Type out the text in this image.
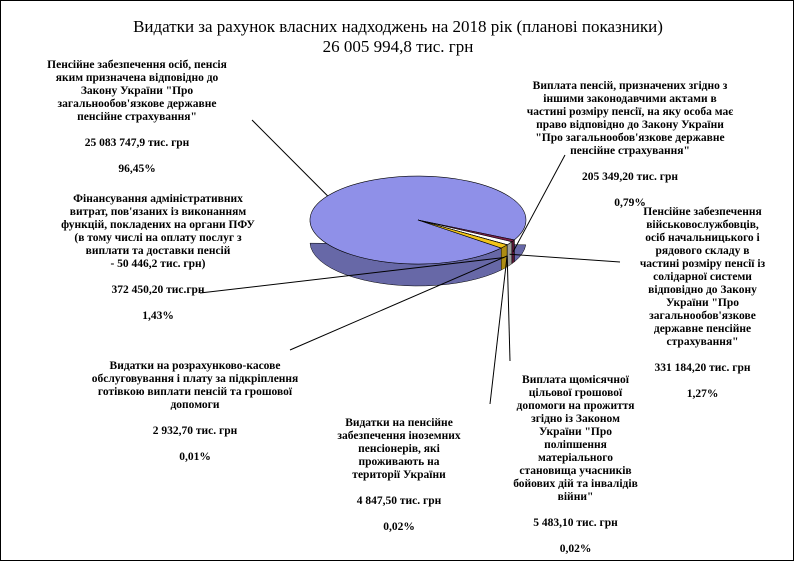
Видатки за рахунок власних надходжень на 2018 рік (планові показники)
26 005 994,8 тис. грн

Пенсійне забезпечення осіб, пенсія
яким призначена відповідно до
Закону України "Про
загальнообов'язкове державне
пенсійне страхування"

25 083 747,9 тис. грн

96,45%

Виплата пенсій, призначених згідно з
іншими законодавчими актами в
частині розміру пенсії, на яку особа має
право відповідно до Закону України
"Про загальнообов'язкове державне
пенсійне страхування"

205 349,20 тис. грн

0,79%

Пенсійне забезпечення
військовослужбовців,
осіб начальницького і
рядового складу в
частині розміру пенсії із
солідарної системи
відповідно до Закону
України "Про
загальнообов'язкове
державне пенсійне
страхування"

331 184,20 тис. грн

1,27%

Виплата щомісячної
цільової грошової
допомоги на прожиття
згідно із Законом
України "Про
поліпшення
матеріального
становища учасників
бойових дій та інвалідів
війни"

5 483,10 тис. грн

0,02%

Видатки на пенсійне
забезпечення іноземних
пенсіонерів, які
проживають на
території України

4 847,50 тис. грн

0,02%

Видатки на розрахунково-касове
обслуговування і плату за підкріплення
готівкою виплати пенсій та грошової
допомоги

2 932,70 тис. грн

0,01%

Фінансування адміністративних
витрат, пов'язаних із виконанням
функцій, покладених на органи ПФУ
(в тому числі на оплату послуг з
виплати та доставки пенсій
- 50 446,2 тис. грн)

372 450,20 тис.грн

1,43%
